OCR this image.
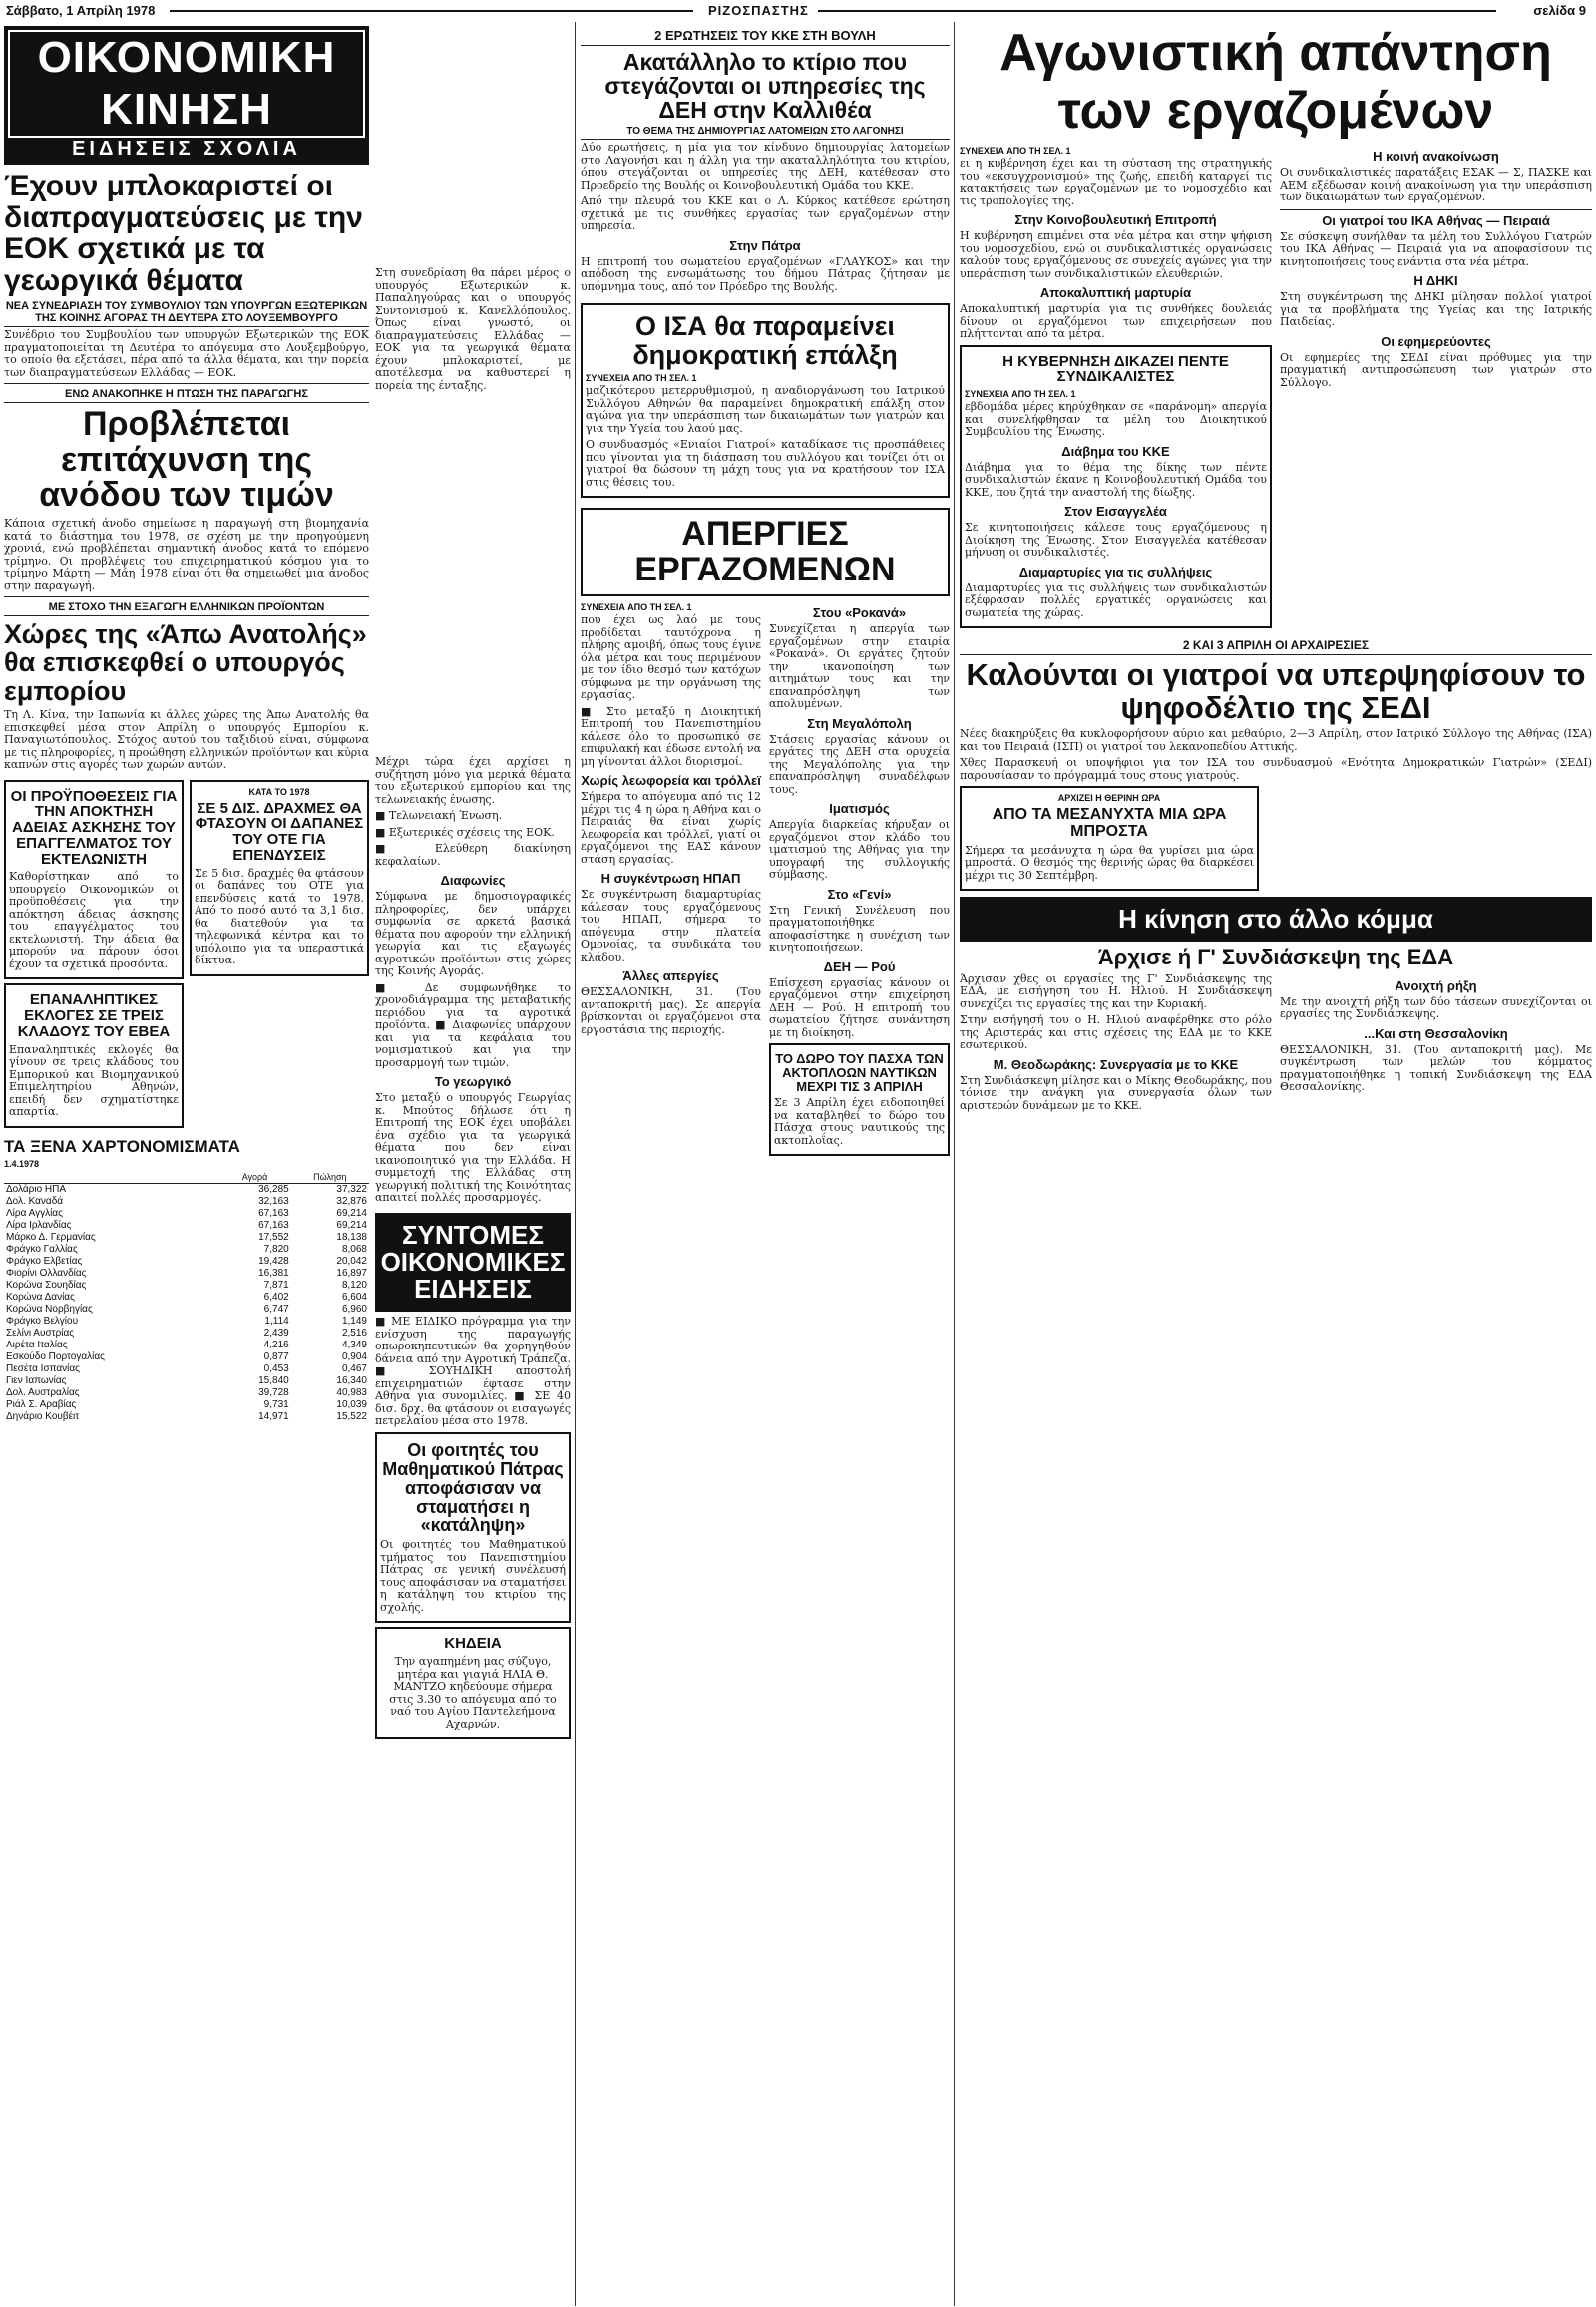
Σάββατο, 1 Απρίλη 1978	ΡΙΖΟΣΠΑΣΤΗΣ	σελίδα 9
ΟΙΚΟΝΟΜΙΚΗ ΚΙΝΗΣΗ
ΕΙΔΗΣΕΙΣ ΣΧΟΛΙΑ
Έχουν μπλοκαριστεί οι διαπραγματεύσεις με την ΕΟΚ σχετικά με τα γεωργικά θέματα
ΝΕΑ ΣΥΝΕΔΡΙΑΣΗ ΤΟΥ ΣΥΜΒΟΥΛΙΟΥ ΤΩΝ ΥΠΟΥΡΓΩΝ ΕΞΩΤΕΡΙΚΩΝ ΤΗΣ ΚΟΙΝΗΣ ΑΓΟΡΑΣ ΤΗ ΔΕΥΤΕΡΑ ΣΤΟ ΛΟΥΞΕΜΒΟΥΡΓΟ

Συνέδριο του Συμβουλίου των υπουργών Εξωτερικών της ΕΟΚ πραγματοποιείται τη Δευτέρα το απόγευμα στο Λουξεμβούργο, το οποίο θα εξετάσει, πέρα από τα άλλα θέματα, και την πορεία των διαπραγματεύσεων Ελλάδας — ΕΟΚ.

ΕΝΩ ΑΝΑΚΟΠΗΚΕ Η ΠΤΩΣΗ ΤΗΣ ΠΑΡΑΓΩΓΗΣ
Προβλέπεται επιτάχυνση της ανόδου των τιμών

Κάποια σχετική άνοδο σημείωσε η παραγωγή στη βιομηχανία κατά το διάστημα του 1978, σε σχέση με την προηγούμενη χρονιά, ενώ προβλέπεται σημαντική άνοδος κατά το επόμενο τρίμηνο. Οι προβλέψεις του επιχειρηματικού κόσμου για το τρίμηνο Μάρτη — Μάη 1978 είναι ότι θα σημειωθεί μια άνοδος στην παραγωγή.

ΜΕ ΣΤΟΧΟ ΤΗΝ ΕΞΑΓΩΓΗ ΕΛΛΗΝΙΚΩΝ ΠΡΟΪΟΝΤΩΝ
Χώρες της «Άπω Ανατολής» θα επισκεφθεί ο υπουργός εμπορίου

Τη Λ. Κίνα, την Ιαπωνία κι άλλες χώρες της Άπω Ανατολής θα επισκεφθεί μέσα στον Απρίλη ο υπουργός Εμπορίου κ. Παναγιωτόπουλος. Στόχος αυτού του ταξιδιού είναι, σύμφωνα με τις πληροφορίες, η προώθηση ελληνικών προϊόντων και κύρια καπνών στις αγορές των χωρών αυτών.

ΟΙ ΠΡΟΫΠΟΘΕΣΕΙΣ ΓΙΑ ΤΗΝ ΑΠΟΚΤΗΣΗ ΑΔΕΙΑΣ ΑΣΚΗΣΗΣ ΤΟΥ ΕΠΑΓΓΕΛΜΑΤΟΣ ΤΟΥ ΕΚΤΕΛΩΝΙΣΤΗ

Καθορίστηκαν από το υπουργείο Οικονομικών οι προϋποθέσεις για την απόκτηση άδειας άσκησης του επαγγέλματος του εκτελωνιστή. Την άδεια θα μπορούν να πάρουν όσοι έχουν τα σχετικά προσόντα.

ΕΠΑΝΑΛΗΠΤΙΚΕΣ ΕΚΛΟΓΕΣ ΣΕ ΤΡΕΙΣ ΚΛΑΔΟΥΣ ΤΟΥ ΕΒΕΑ

Επαναληπτικές εκλογές θα γίνουν σε τρεις κλάδους του Εμπορικού και Βιομηχανικού Επιμελητηρίου Αθηνών, επειδή δεν σχηματίστηκε απαρτία.

ΚΑΤΑ ΤΟ 1978
ΣΕ 5 ΔΙΣ. ΔΡΑΧΜΕΣ ΘΑ ΦΤΑΣΟΥΝ ΟΙ ΔΑΠΑΝΕΣ ΤΟΥ ΟΤΕ ΓΙΑ ΕΠΕΝΔΥΣΕΙΣ

Σε 5 δισ. δραχμές θα φτάσουν οι δαπάνες του ΟΤΕ για επενδύσεις κατά το 1978. Από το ποσό αυτό τα 3,1 δισ. θα διατεθούν για τα τηλεφωνικά κέντρα και το υπόλοιπο για τα υπεραστικά δίκτυα.

ΤΑ ΞΕΝΑ ΧΑΡΤΟΝΟΜΙΣΜΑΤΑ
1.4.1978
	Αγορά	Πώληση
Δολάριο ΗΠΑ	36,285	37,322
Δολ. Καναδά	32,163	32,876
Λίρα Αγγλίας	67,163	69,214
Λίρα Ιρλανδίας	67,163	69,214
Μάρκο Δ. Γερμανίας	17,552	18,138
Φράγκο Γαλλίας	7,820	8,068
Φράγκο Ελβετίας	19,428	20,042
Φιορίνι Ολλανδίας	16,381	16,897
Κορώνα Σουηδίας	7,871	8,120
Κορώνα Δανίας	6,402	6,604
Κορώνα Νορβηγίας	6,747	6,960
Φράγκο Βελγίου	1,114	1,149
Σελίνι Αυστρίας	2,439	2,516
Λιρέτα Ιταλίας	4,216	4,349
Εσκούδο Πορτογαλίας	0,877	0,904
Πεσέτα Ισπανίας	0,453	0,467
Γιεν Ιαπωνίας	15,840	16,340
Δολ. Αυστραλίας	39,728	40,983
Ριάλ Σ. Αραβίας	9,731	10,039
Δηνάριο Κουβέιτ	14,971	15,522

Στη συνεδρίαση θα πάρει μέρος ο υπουργός Εξωτερικών κ. Παπαληγούρας και ο υπουργός Συντονισμού κ. Κανελλόπουλος. Όπως είναι γνωστό, οι διαπραγματεύσεις Ελλάδας — ΕΟΚ για τα γεωργικά θέματα έχουν μπλοκαριστεί, με αποτέλεσμα να καθυστερεί η πορεία της ένταξης.

Μέχρι τώρα έχει αρχίσει η συζήτηση μόνο για μερικά θέματα του εξωτερικού εμπορίου και της τελωνειακής ένωσης.

■ Τελωνειακή Ένωση.

■ Εξωτερικές σχέσεις της ΕΟΚ.

■ Ελεύθερη διακίνηση κεφαλαίων.

Διαφωνίες

Σύμφωνα με δημοσιογραφικές πληροφορίες, δεν υπάρχει συμφωνία σε αρκετά βασικά θέματα που αφορούν την ελληνική γεωργία και τις εξαγωγές αγροτικών προϊόντων στις χώρες της Κοινής Αγοράς.

■ Δε συμφωνήθηκε το χρονοδιάγραμμα της μεταβατικής περιόδου για τα αγροτικά προϊόντα. ■ Διαφωνίες υπάρχουν και για τα κεφάλαια του νομισματικού και για την προσαρμογή των τιμών.

Το γεωργικό

Στο μεταξύ ο υπουργός Γεωργίας κ. Μπούτος δήλωσε ότι η Επιτροπή της ΕΟΚ έχει υποβάλει ένα σχέδιο για τα γεωργικά θέματα που δεν είναι ικανοποιητικό για την Ελλάδα. Η συμμετοχή της Ελλάδας στη γεωργική πολιτική της Κοινότητας απαιτεί πολλές προσαρμογές.

ΣΥΝΤΟΜΕΣ ΟΙΚΟΝΟΜΙΚΕΣ ΕΙΔΗΣΕΙΣ

■ ΜΕ ΕΙΔΙΚΟ πρόγραμμα για την ενίσχυση της παραγωγής οπωροκηπευτικών θα χορηγηθούν δάνεια από την Αγροτική Τράπεζα. ■ ΣΟΥΗΔΙΚΗ αποστολή επιχειρηματιών έφτασε στην Αθήνα για συνομιλίες. ■ ΣΕ 40 δισ. δρχ. θα φτάσουν οι εισαγωγές πετρελαίου μέσα στο 1978.

Οι φοιτητές του Μαθηματικού Πάτρας αποφάσισαν να σταματήσει η «κατάληψη»

Οι φοιτητές του Μαθηματικού τμήματος του Πανεπιστημίου Πάτρας σε γενική συνέλευσή τους αποφάσισαν να σταματήσει η κατάληψη του κτιρίου της σχολής.

ΚΗΔΕΙΑ

Την αγαπημένη μας σύζυγο, μητέρα και γιαγιά ΗΛΙΑ Θ. ΜΑΝΤΖΟ κηδεύουμε σήμερα στις 3.30 το απόγευμα από το ναό του Αγίου Παντελεήμονα Αχαρνών.

2 ΕΡΩΤΗΣΕΙΣ ΤΟΥ ΚΚΕ ΣΤΗ ΒΟΥΛΗ
Ακατάλληλο το κτίριο που στεγάζονται οι υπηρεσίες της ΔΕΗ στην Καλλιθέα
ΤΟ ΘΕΜΑ ΤΗΣ ΔΗΜΙΟΥΡΓΙΑΣ ΛΑΤΟΜΕΙΩΝ ΣΤΟ ΛΑΓΟΝΗΣΙ

Δύο ερωτήσεις, η μία για τον κίνδυνο δημιουργίας λατομείων στο Λαγονήσι και η άλλη για την ακαταλληλότητα του κτιρίου, όπου στεγάζονται οι υπηρεσίες της ΔΕΗ, κατέθεσαν στο Προεδρείο της Βουλής οι Κοινοβουλευτική Ομάδα του ΚΚΕ.

Από την πλευρά του ΚΚΕ και ο Λ. Κύρκος κατέθεσε ερώτηση σχετικά με τις συνθήκες εργασίας των εργαζομένων στην υπηρεσία.

Στην Πάτρα

Η επιτροπή του σωματείου εργαζομένων «ΓΛΑΥΚΟΣ» και την απόδοση της ενσωμάτωσης του δήμου Πάτρας ζήτησαν με υπόμνημα τους, από τον Πρόεδρο της Βουλής.

Ο ΙΣΑ θα παραμείνει δημοκρατική επάλξη
ΣΥΝΕΧΕΙΑ ΑΠΟ ΤΗ ΣΕΛ. 1

μαζικότερου μετερρυθμισμού, η αναδιοργάνωση του Ιατρικού Συλλόγου Αθηνών θα παραμείνει δημοκρατική επάλξη στον αγώνα για την υπεράσπιση των δικαιωμάτων των γιατρών και για την Υγεία του λαού μας.

Ο συνδυασμός «Ενιαίοι Γιατροί» καταδίκασε τις προσπάθειες που γίνονται για τη διάσπαση του συλλόγου και τονίζει ότι οι γιατροί θα δώσουν τη μάχη τους για να κρατήσουν τον ΙΣΑ στις θέσεις του.

ΑΠΕΡΓΙΕΣ ΕΡΓΑΖΟΜΕΝΩΝ
ΣΥΝΕΧΕΙΑ ΑΠΟ ΤΗ ΣΕΛ. 1

που έχει ως λαό με τους προδίδεται ταυτόχρονα η πλήρης αμοιβή, όπως τους έγινε όλα μέτρα και τους περιμένουν με τον ίδιο θεσμό των κατόχων σύμφωνα με την οργάνωση της εργασίας.

■ Στο μεταξύ η Διοικητική Επιτροπή του Πανεπιστημίου κάλεσε όλο το προσωπικό σε επιφυλακή και έδωσε εντολή να μη γίνονται άλλοι διορισμοί.

Χωρίς λεωφορεία και τρόλλεϊ

Σήμερα το απόγευμα από τις 12 μέχρι τις 4 η ώρα η Αθήνα και ο Πειραιάς θα είναι χωρίς λεωφορεία και τρόλλεϊ, γιατί οι εργαζόμενοι της ΕΑΣ κάνουν στάση εργασίας.

Η συγκέντρωση ΗΠΑΠ

Σε συγκέντρωση διαμαρτυρίας κάλεσαν τους εργαζόμενους του ΗΠΑΠ, σήμερα το απόγευμα στην πλατεία Ομονοίας, τα συνδικάτα του κλάδου.

Άλλες απεργίες

ΘΕΣΣΑΛΟΝΙΚΗ, 31. (Του ανταποκριτή μας). Σε απεργία βρίσκονται οι εργαζόμενοι στα εργοστάσια της περιοχής.

Στου «Ροκανά»

Συνεχίζεται η απεργία των εργαζομένων στην εταιρία «Ροκανά». Οι εργάτες ζητούν την ικανοποίηση των αιτημάτων τους και την επαναπρόσληψη των απολυμένων.

Στη Μεγαλόπολη

Στάσεις εργασίας κάνουν οι εργάτες της ΔΕΗ στα ορυχεία της Μεγαλόπολης για την επαναπρόσληψη συναδέλφων τους.

Ιματισμός

Απεργία διαρκείας κήρυξαν οι εργαζόμενοι στον κλάδο του ιματισμού της Αθήνας για την υπογραφή της συλλογικής σύμβασης.

Στο «Γενί»

Στη Γενική Συνέλευση που πραγματοποιήθηκε αποφασίστηκε η συνέχιση των κινητοποιήσεων.

ΔΕΗ — Ρού

Επίσχεση εργασίας κάνουν οι εργαζόμενοι στην επιχείρηση ΔΕΗ — Ρού. Η επιτροπή του σωματείου ζήτησε συνάντηση με τη διοίκηση.

ΤΟ ΔΩΡΟ ΤΟΥ ΠΑΣΧΑ ΤΩΝ ΑΚΤΟΠΛΟΩΝ ΝΑΥΤΙΚΩΝ ΜΕΧΡΙ ΤΙΣ 3 ΑΠΡΙΛΗ

Σε 3 Απρίλη έχει ειδοποιηθεί να καταβληθεί το δώρο του Πάσχα στους ναυτικούς της ακτοπλοΐας.

Αγωνιστική απάντηση των εργαζομένων
ΣΥΝΕΧΕΙΑ ΑΠΟ ΤΗ ΣΕΛ. 1

ει η κυβέρνηση έχει και τη σύσταση της στρατηγικής του «εκσυγχρονισμού» της ζωής, επειδή καταργεί τις κατακτήσεις των εργαζομένων με το νομοσχέδιο και τις τροπολογίες της.

Στην Κοινοβουλευτική Επιτροπή

Η κυβέρνηση επιμένει στα νέα μέτρα και στην ψήφιση του νομοσχεδίου, ενώ οι συνδικαλιστικές οργανώσεις καλούν τους εργαζόμενους σε συνεχείς αγώνες για την υπεράσπιση των συνδικαλιστικών ελευθεριών.

Αποκαλυπτική μαρτυρία

Αποκαλυπτική μαρτυρία για τις συνθήκες δουλειάς δίνουν οι εργαζόμενοι των επιχειρήσεων που πλήττονται από τα μέτρα.

Η ΚΥΒΕΡΝΗΣΗ ΔΙΚΑΖΕΙ ΠΕΝΤΕ ΣΥΝΔΙΚΑΛΙΣΤΕΣ
ΣΥΝΕΧΕΙΑ ΑΠΟ ΤΗ ΣΕΛ. 1

εβδομάδα μέρες κηρύχθηκαν σε «παράνομη» απεργία και συνελήφθησαν τα μέλη του Διοικητικού Συμβουλίου της Ένωσης.

Διάβημα του ΚΚΕ

Διάβημα για το θέμα της δίκης των πέντε συνδικαλιστών έκανε η Κοινοβουλευτική Ομάδα του ΚΚΕ, που ζητά την αναστολή της δίωξης.

Στον Εισαγγελέα

Σε κινητοποιήσεις κάλεσε τους εργαζόμενους η Διοίκηση της Ένωσης. Στον Εισαγγελέα κατέθεσαν μήνυση οι συνδικαλιστές.

Διαμαρτυρίες για τις συλλήψεις

Διαμαρτυρίες για τις συλλήψεις των συνδικαλιστών εξέφρασαν πολλές εργατικές οργανώσεις και σωματεία της χώρας.

Η κοινή ανακοίνωση

Οι συνδικαλιστικές παρατάξεις ΕΣΑΚ — Σ, ΠΑΣΚΕ και ΑΕΜ εξέδωσαν κοινή ανακοίνωση για την υπεράσπιση των δικαιωμάτων των εργαζομένων.

Οι γιατροί του ΙΚΑ Αθήνας — Πειραιά

Σε σύσκεψη συνήλθαν τα μέλη του Συλλόγου Γιατρών του ΙΚΑ Αθήνας — Πειραιά για να αποφασίσουν τις κινητοποιήσεις τους ενάντια στα νέα μέτρα.

Η ΔΗΚΙ

Στη συγκέντρωση της ΔΗΚΙ μίλησαν πολλοί γιατροί για τα προβλήματα της Υγείας και της Ιατρικής Παιδείας.

Οι εφημερεύοντες

Οι εφημερίες της ΣΕΔΙ είναι πρόθυμες για την πραγματική αντιπροσώπευση των γιατρών στο Σύλλογο.

2 ΚΑΙ 3 ΑΠΡΙΛΗ ΟΙ ΑΡΧΑΙΡΕΣΙΕΣ
Καλούνται οι γιατροί να υπερψηφίσουν το ψηφοδέλτιο της ΣΕΔΙ

Νέες διακηρύξεις θα κυκλοφορήσουν αύριο και μεθαύριο, 2—3 Απρίλη, στον Ιατρικό Σύλλογο της Αθήνας (ΙΣΑ) και του Πειραιά (ΙΣΠ) οι γιατροί του λεκανοπεδίου Αττικής.

Χθες Παρασκευή οι υποψήφιοι για τον ΙΣΑ του συνδυασμού «Ενότητα Δημοκρατικών Γιατρών» (ΣΕΔΙ) παρουσίασαν το πρόγραμμά τους στους γιατρούς.

ΑΡΧΙΖΕΙ Η ΘΕΡΙΝΗ ΩΡΑ
ΑΠΟ ΤΑ ΜΕΣΑΝΥΧΤΑ ΜΙΑ ΩΡΑ ΜΠΡΟΣΤΑ

Σήμερα τα μεσάνυχτα η ώρα θα γυρίσει μια ώρα μπροστά. Ο θεσμός της θερινής ώρας θα διαρκέσει μέχρι τις 30 Σεπτέμβρη.

Η κίνηση στο άλλο κόμμα
Άρχισε ή Γ' Συνδιάσκεψη της ΕΔΑ

Άρχισαν χθες οι εργασίες της Γ' Συνδιάσκεψης της ΕΔΑ, με εισήγηση του Η. Ηλιού. Η Συνδιάσκεψη συνεχίζει τις εργασίες της και την Κυριακή.

Στην εισήγησή του ο Η. Ηλιού αναφέρθηκε στο ρόλο της Αριστεράς και στις σχέσεις της ΕΔΑ με το ΚΚΕ εσωτερικού.

Μ. Θεοδωράκης: Συνεργασία με το ΚΚΕ

Στη Συνδιάσκεψη μίλησε και ο Μίκης Θεοδωράκης, που τόνισε την ανάγκη για συνεργασία όλων των αριστερών δυνάμεων με το ΚΚΕ.

Ανοιχτή ρήξη

Με την ανοιχτή ρήξη των δύο τάσεων συνεχίζονται οι εργασίες της Συνδιάσκεψης.

...Και στη Θεσσαλονίκη

ΘΕΣΣΑΛΟΝΙΚΗ, 31. (Του ανταποκριτή μας). Με συγκέντρωση των μελών του κόμματος πραγματοποιήθηκε η τοπική Συνδιάσκεψη της ΕΔΑ Θεσσαλονίκης.
